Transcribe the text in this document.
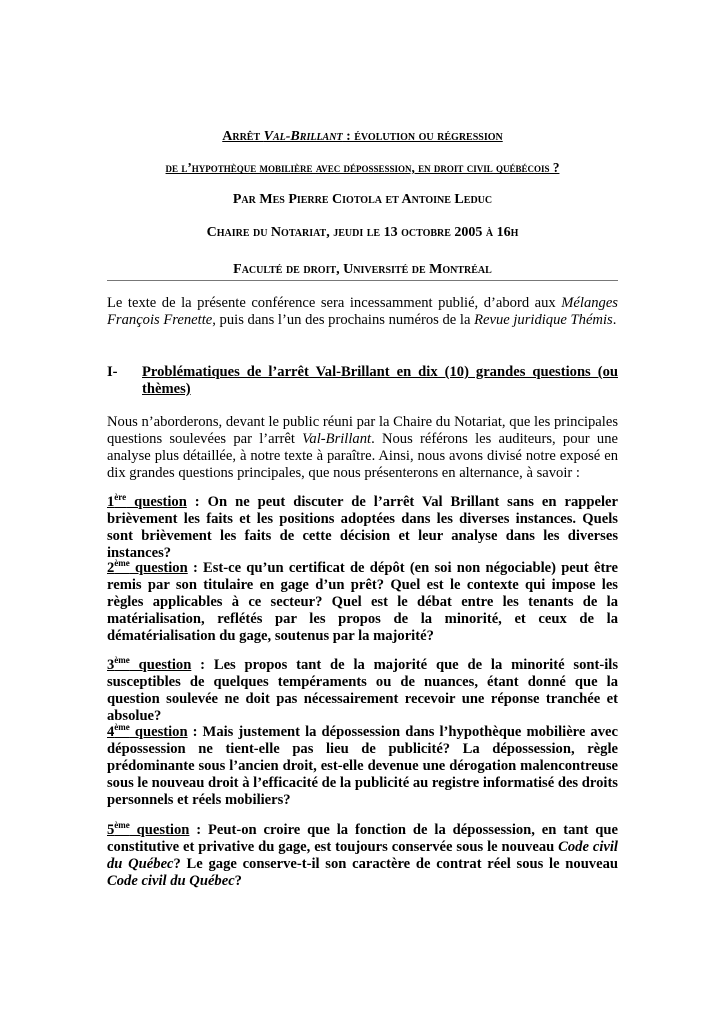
Arrêt Val-Brillant : évolution ou régression
de l’hypothèque mobilière avec dépossession, en droit civil québécois ?
Par Mes Pierre Ciotola et Antoine Leduc
Chaire du Notariat, jeudi le 13 octobre 2005 à 16h
Faculté de droit, Université de Montréal
Le texte de la présente conférence sera incessamment publié, d’abord aux Mélanges François Frenette, puis dans l’un des prochains numéros de la Revue juridique Thémis.
I- Problématiques de l’arrêt Val-Brillant en dix (10) grandes questions (ou thèmes)
Nous n’aborderons, devant le public réuni par la Chaire du Notariat, que les principales questions soulevées par l’arrêt Val-Brillant. Nous référons les auditeurs, pour une analyse plus détaillée, à notre texte à paraître. Ainsi, nous avons divisé notre exposé en dix grandes questions principales, que nous présenterons en alternance, à savoir :
1ère question : On ne peut discuter de l’arrêt Val Brillant sans en rappeler brièvement les faits et les positions adoptées dans les diverses instances. Quels sont brièvement les faits de cette décision et leur analyse dans les diverses instances?
2ème question : Est-ce qu’un certificat de dépôt (en soi non négociable) peut être remis par son titulaire en gage d’un prêt? Quel est le contexte qui impose les règles applicables à ce secteur? Quel est le débat entre les tenants de la matérialisation, reflétés par les propos de la minorité, et ceux de la dématérialisation du gage, soutenus par la majorité?
3ème question : Les propos tant de la majorité que de la minorité sont-ils susceptibles de quelques tempéraments ou de nuances, étant donné que la question soulevée ne doit pas nécessairement recevoir une réponse tranchée et absolue?
4ème question : Mais justement la dépossession dans l’hypothèque mobilière avec dépossession ne tient-elle pas lieu de publicité? La dépossession, règle prédominante sous l’ancien droit, est-elle devenue une dérogation malencontreuse sous le nouveau droit à l’efficacité de la publicité au registre informatisé des droits personnels et réels mobiliers?
5ème question : Peut-on croire que la fonction de la dépossession, en tant que constitutive et privative du gage, est toujours conservée sous le nouveau Code civil du Québec? Le gage conserve-t-il son caractère de contrat réel sous le nouveau Code civil du Québec?
